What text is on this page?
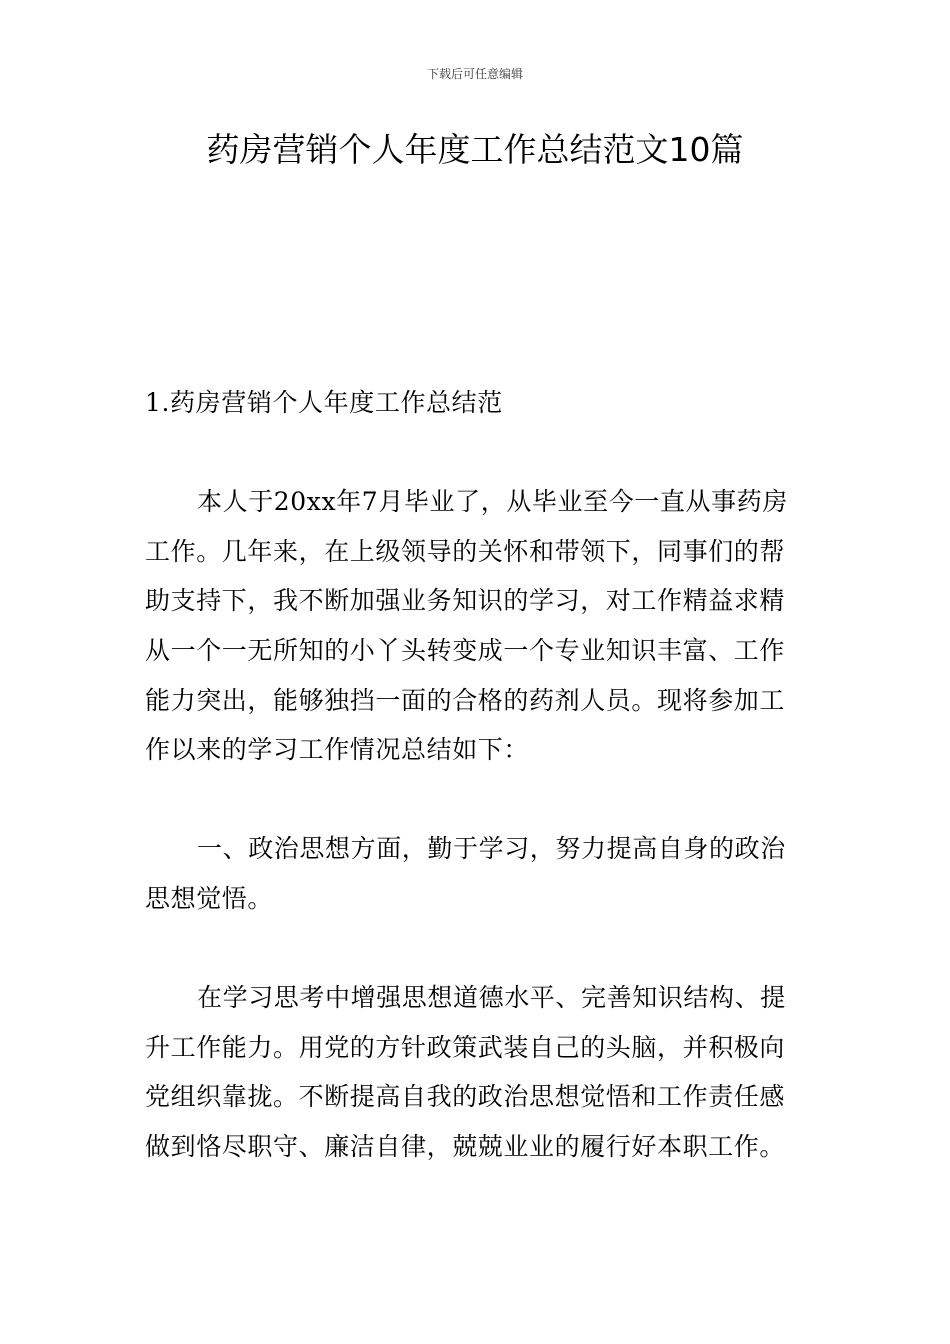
下载后可任意编辑
药房营销个人年度工作总结范文10篇
1.药房营销个人年度工作总结范
本人于20xx年7月毕业了，从毕业至今一直从事药房
工作。几年来，在上级领导的关怀和带领下，同事们的帮
助支持下，我不断加强业务知识的学习，对工作精益求精
从一个一无所知的小丫头转变成一个专业知识丰富、工作
能力突出，能够独挡一面的合格的药剂人员。现将参加工
作以来的学习工作情况总结如下：
一、政治思想方面，勤于学习，努力提高自身的政治
思想觉悟。
在学习思考中增强思想道德水平、完善知识结构、提
升工作能力。用党的方针政策武装自己的头脑，并积极向
党组织靠拢。不断提高自我的政治思想觉悟和工作责任感
做到恪尽职守、廉洁自律，兢兢业业的履行好本职工作。
